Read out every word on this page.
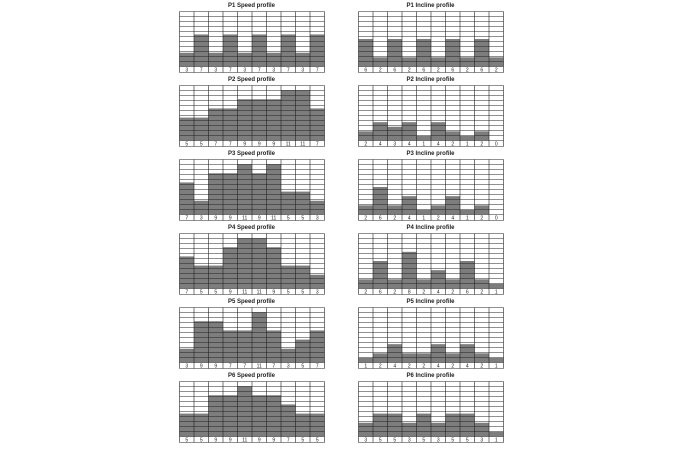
P1 Speed profile
3 7 3 7 3 7 3 7 3 7
P1 Incline profile
6 2 6 2 6 2 6 2 6 2
P2 Speed profile
5 5 7 7 9 9 9 11 11 7
P2 Incline profile
2 4 3 4 1 4 2 1 2 0
P3 Speed profile
7 3 9 9 11 9 11 5 5 3
P3 Incline profile
2 6 2 4 1 2 4 1 2 0
P4 Speed profile
7 5 5 9 11 11 9 5 5 3
P4 Incline profile
2 6 2 8 2 4 2 6 2 1
P5 Speed profile
3 9 9 7 7 11 7 3 5 7
P5 Incline profile
1 2 4 2 2 4 2 4 2 1
P6 Speed profile
5 5 9 9 11 9 9 7 5 5
P6 Incline profile
3 5 5 3 5 3 5 5 3 1
